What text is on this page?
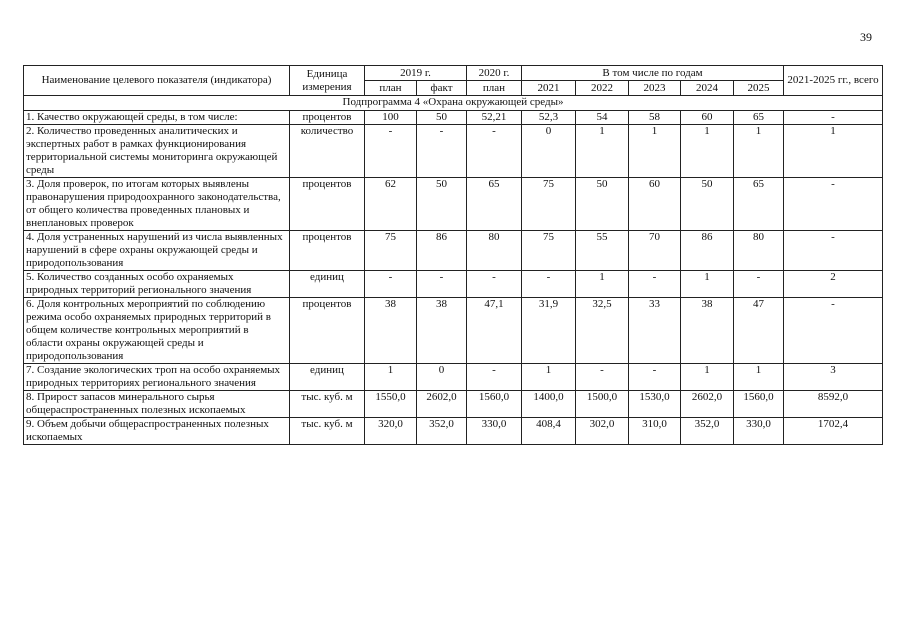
39
Наименование целевого показателя (индикатора)	Единица измерения	2019 г.		2020 г.	В том числе по годам					2021-2025 гг., всего
		план	факт	план	2021	2022	2023	2024	2025	
Подпрограмма 4 «Охрана окружающей среды»										
1. Качество окружающей среды, в том числе:	процентов	100	50	52,21	52,3	54	58	60	65	-
2. Количество проведенных аналитических и экспертных работ в рамках функционирования территориальной системы мониторинга окружающей среды	количество	-	-	-	0	1	1	1	1	1
3. Доля проверок, по итогам которых выявлены правонарушения природоохранного законодательства, от общего количества проведенных плановых и внеплановых проверок	процентов	62	50	65	75	50	60	50	65	-
4. Доля устраненных нарушений из числа выявленных нарушений в сфере охраны окружающей среды и природопользования	процентов	75	86	80	75	55	70	86	80	-
5. Количество созданных особо охраняемых природных территорий регионального значения	единиц	-	-	-	-	1	-	1	-	2
6. Доля контрольных мероприятий по соблюдению режима особо охраняемых природных территорий в общем количестве контрольных мероприятий в области охраны окружающей среды и природопользования	процентов	38	38	47,1	31,9	32,5	33	38	47	-
7. Создание экологических троп на особо охраняемых природных территориях регионального значения	единиц	1	0	-	1	-	-	1	1	3
8. Прирост запасов минерального сырья общераспространенных полезных ископаемых	тыс. куб. м	1550,0	2602,0	1560,0	1400,0	1500,0	1530,0	2602,0	1560,0	8592,0
9. Объем добычи общераспространенных полезных ископаемых	тыс. куб. м	320,0	352,0	330,0	408,4	302,0	310,0	352,0	330,0	1702,4
